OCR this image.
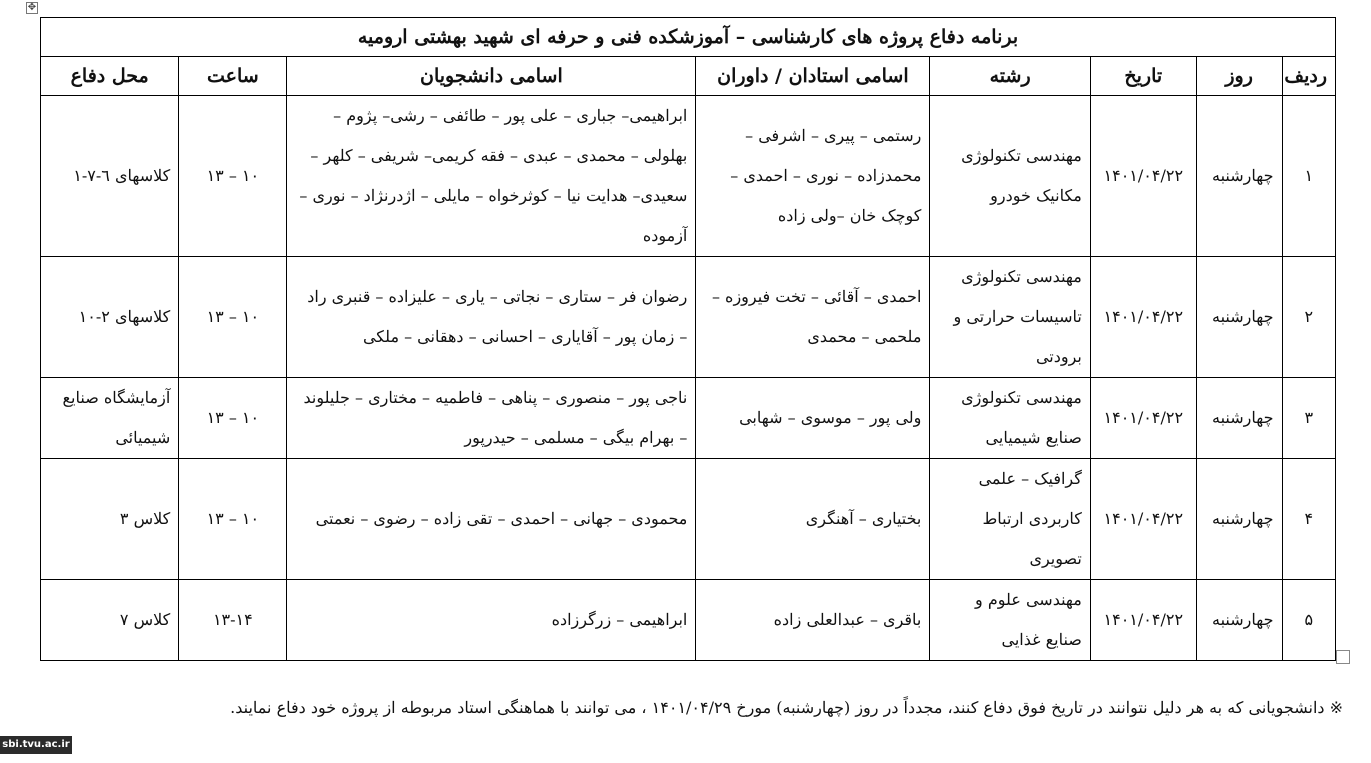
✥
برنامه دفاع پروژه های کارشناسی – آموزشکده فنی و حرفه ای شهید بهشتی ارومیه							
ردیف	روز	تاریخ	رشته	اسامی استادان / داوران	اسامی دانشجویان	ساعت	محل دفاع
۱	چهارشنبه	۱۴۰۱/۰۴/۲۲	مهندسی تکنولوژی مکانیک خودرو	رستمی – پیری – اشرفی – محمدزاده – نوری – احمدی – کوچک خان –ولی زاده	ابراهیمی– جباری – علی پور – طائفی – رشی– پژوم – بهلولی – محمدی – عبدی – فقه کریمی– شریفی – کلهر – سعیدی– هدایت نیا – کوثرخواه – مایلی – اژدرنژاد – نوری – آزموده	۱۰ – ۱۳	کلاسهای ٦-٧-١
۲	چهارشنبه	۱۴۰۱/۰۴/۲۲	مهندسی تکنولوژی تاسیسات حرارتی و برودتی	احمدی – آقائی – تخت فیروزه – ملحمی – محمدی	رضوان فر – ستاری – نجاتی – یاری – علیزاده – قنبری راد – زمان پور – آقایاری – احسانی – دهقانی – ملکی	۱۰ – ۱۳	کلاسهای ۲-۱۰
۳	چهارشنبه	۱۴۰۱/۰۴/۲۲	مهندسی تکنولوژی صنایع شیمیایی	ولی پور – موسوی – شهابی	ناجی پور – منصوری – پناهی – فاطمیه – مختاری – جلیلوند – بهرام بیگی – مسلمی – حیدرپور	۱۰ – ۱۳	آزمایشگاه صنایع شیمیائی
۴	چهارشنبه	۱۴۰۱/۰۴/۲۲	گرافیک – علمی کاربردی ارتباط تصویری	بختیاری – آهنگری	محمودی – جهانی – احمدی – تقی زاده – رضوی – نعمتی	۱۰ – ۱۳	کلاس ۳
۵	چهارشنبه	۱۴۰۱/۰۴/۲۲	مهندسی علوم و صنایع غذایی	باقری – عبدالعلی زاده	ابراهیمی – زرگرزاده	۱۳-۱۴	کلاس ۷
※ دانشجویانی که به هر دلیل نتوانند در تاریخ فوق دفاع کنند، مجدداً در روز (چهارشنبه) مورخ ۱۴۰۱/۰۴/۲۹ ، می توانند با هماهنگی استاد مربوطه از پروژه خود دفاع نمایند.
sbi.tvu.ac.ir
